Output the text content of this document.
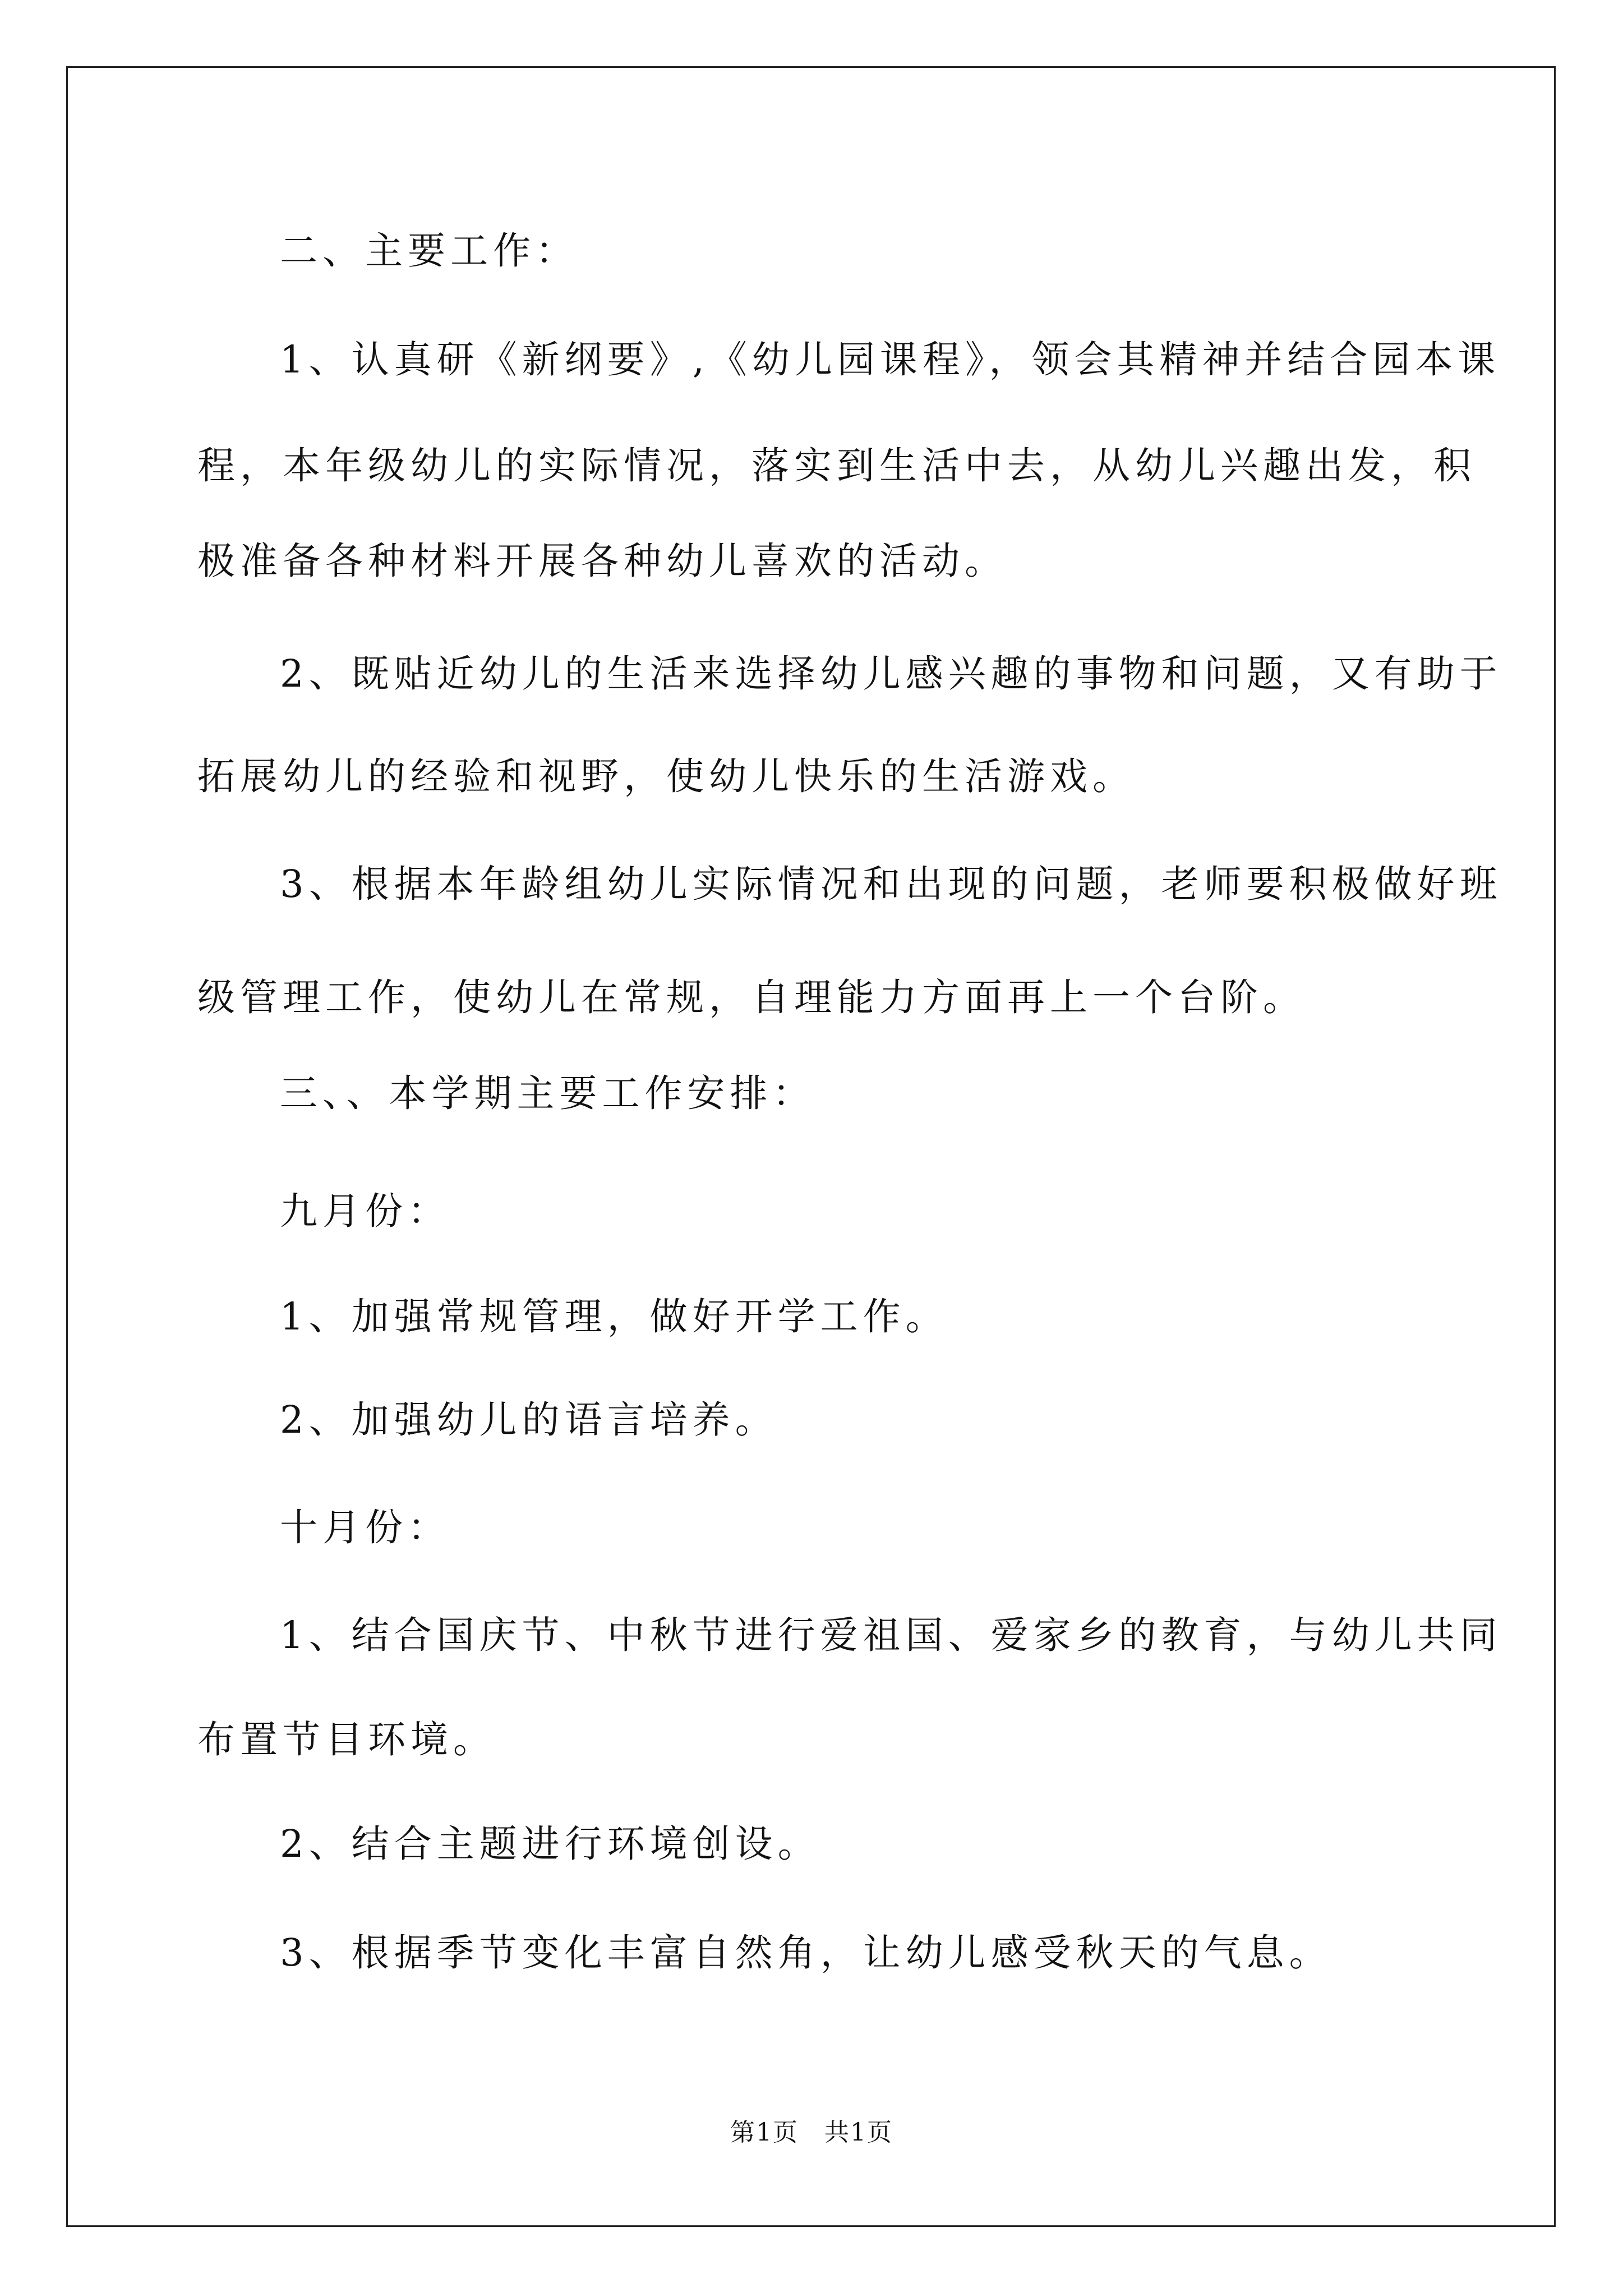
二、主要工作：
1、认真研《新纲要》,《幼儿园课程》，领会其精神并结合园本课
程，本年级幼儿的实际情况，落实到生活中去，从幼儿兴趣出发，积
极准备各种材料开展各种幼儿喜欢的活动。
2、既贴近幼儿的生活来选择幼儿感兴趣的事物和问题，又有助于
拓展幼儿的经验和视野，使幼儿快乐的生活游戏。
3、根据本年龄组幼儿实际情况和出现的问题，老师要积极做好班
级管理工作，使幼儿在常规，自理能力方面再上一个台阶。
三、、本学期主要工作安排：
九月份：
1、加强常规管理，做好开学工作。
2、加强幼儿的语言培养。
十月份：
1、结合国庆节、中秋节进行爱祖国、爱家乡的教育，与幼儿共同
布置节目环境。
2、结合主题进行环境创设。
3、根据季节变化丰富自然角，让幼儿感受秋天的气息。
第1页　共1页
